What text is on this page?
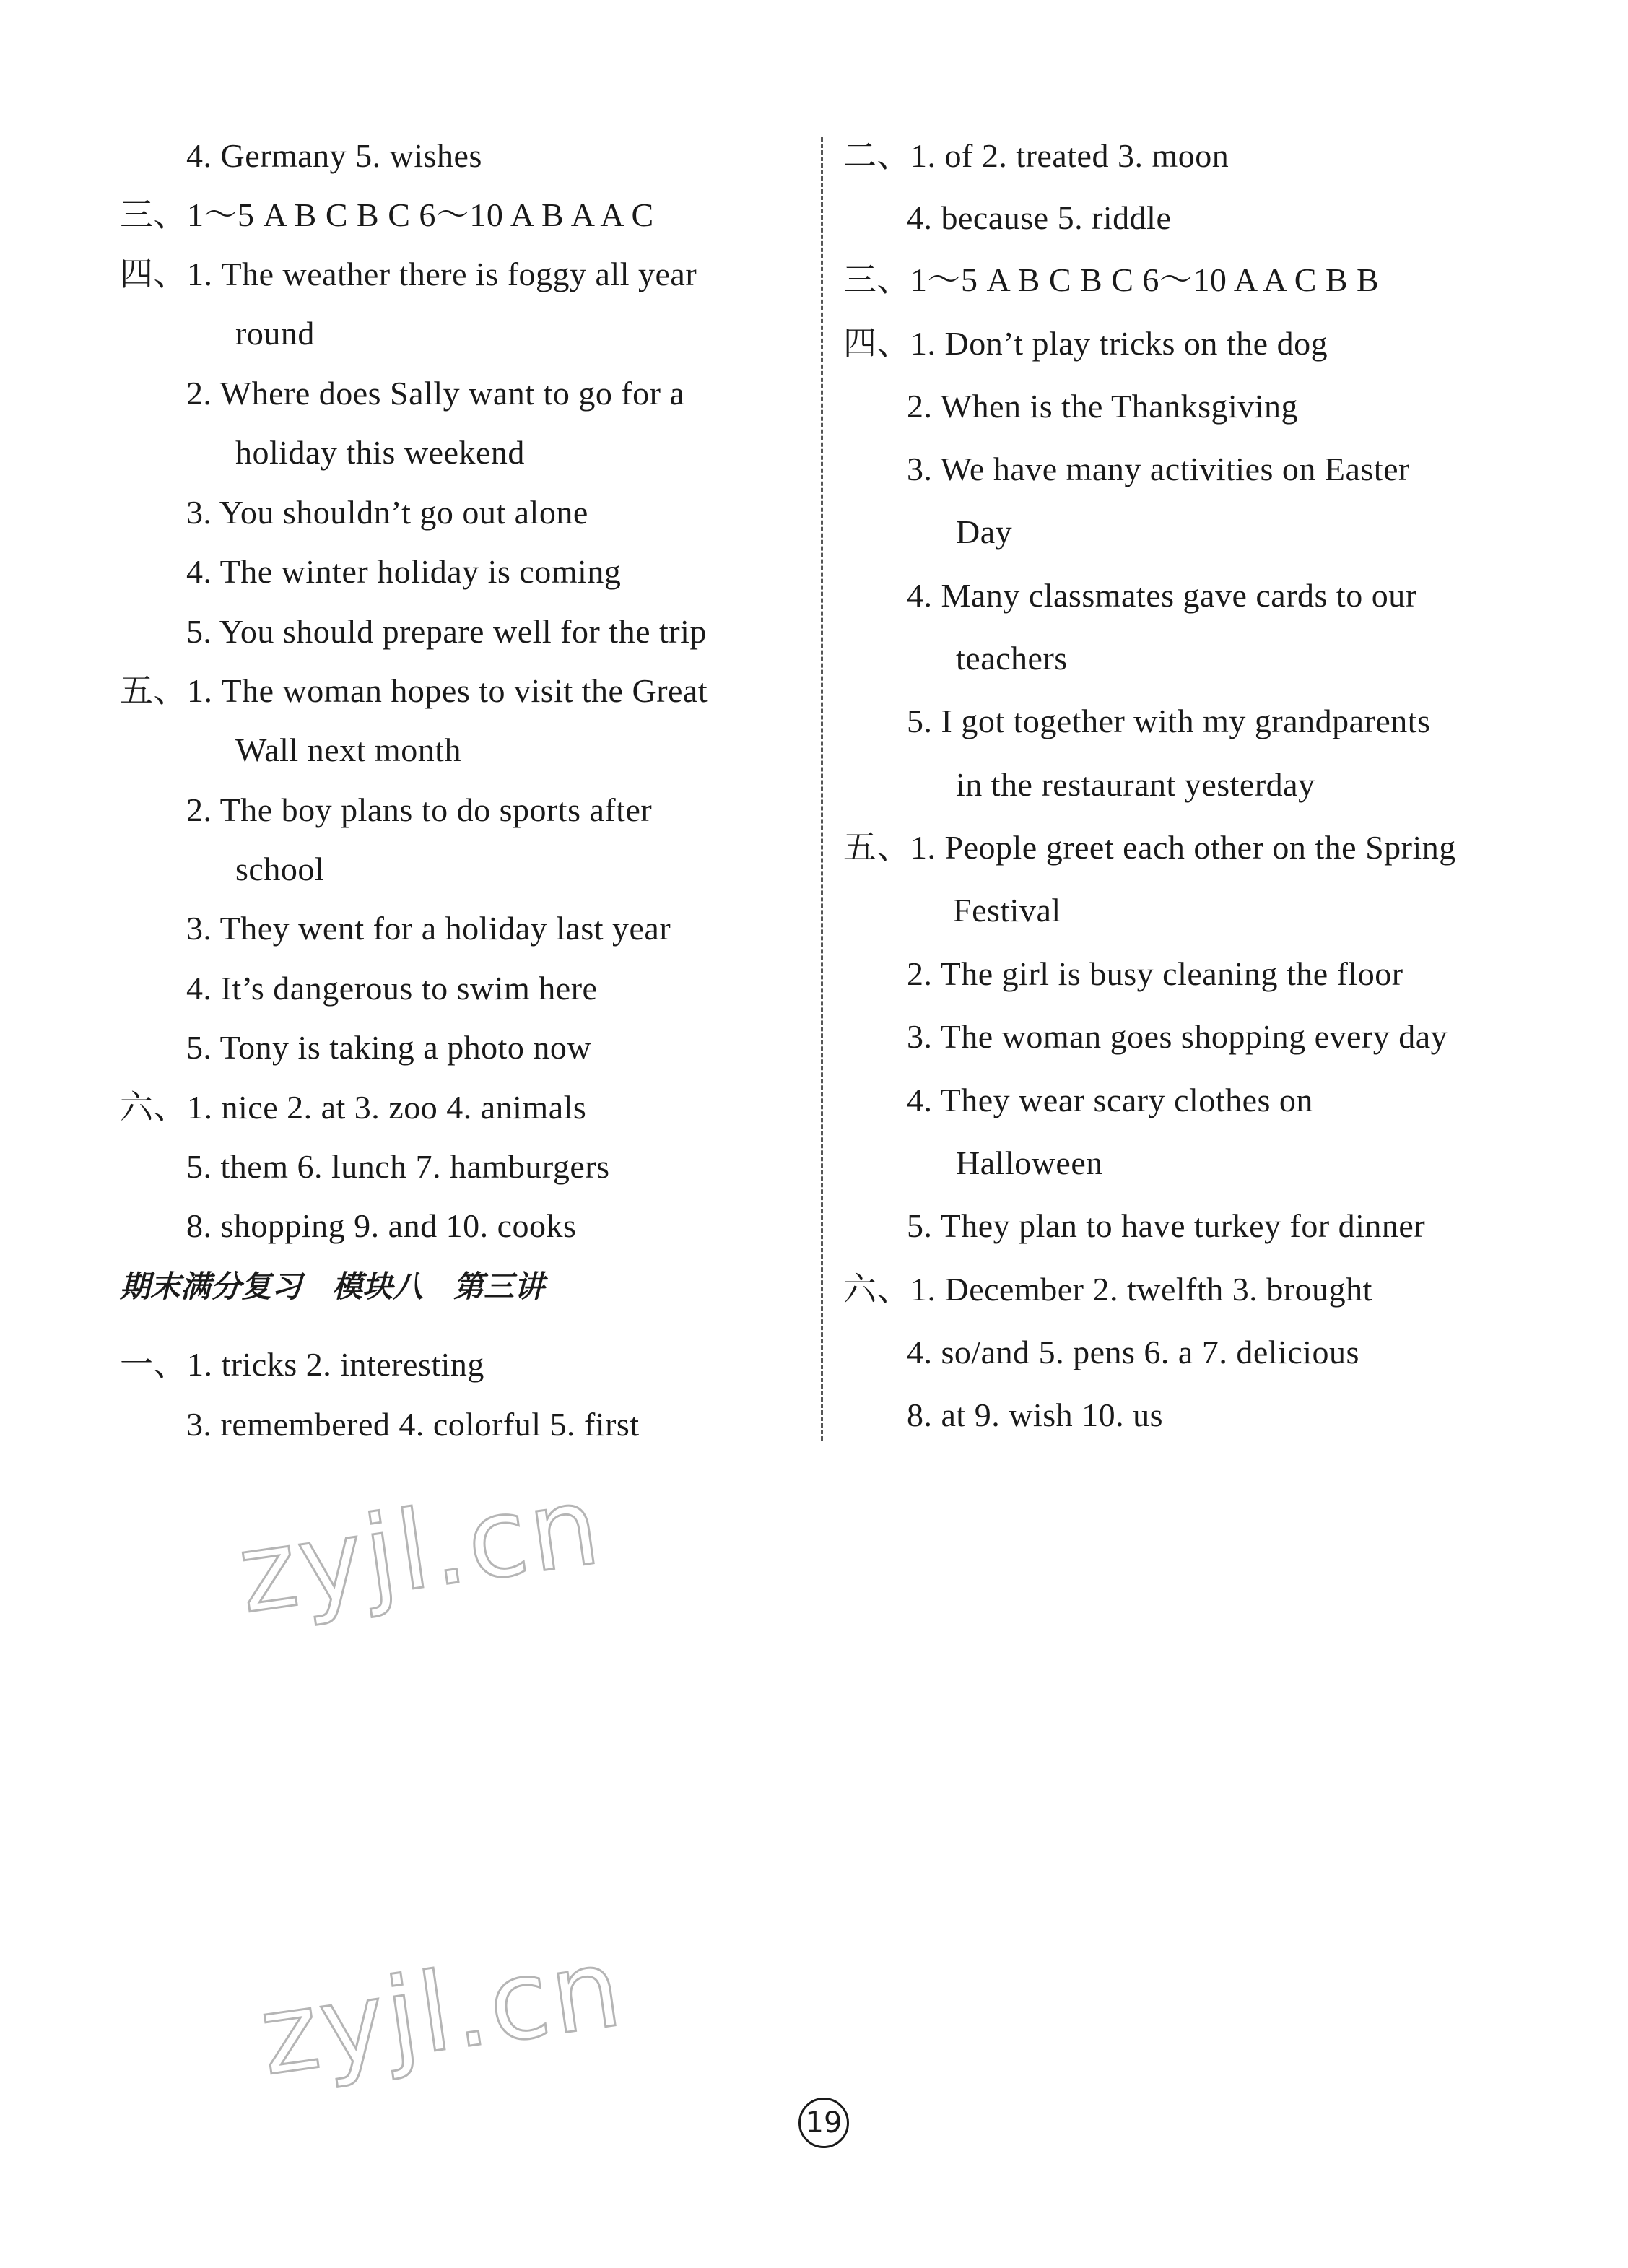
4. Germany 5. wishes
三、1～5 A B C B C 6～10 A B A A C
四、1. The weather there is foggy all year
round
2. Where does Sally want to go for a
holiday this weekend
3. You shouldn’t go out alone
4. The winter holiday is coming
5. You should prepare well for the trip
五、1. The woman hopes to visit the Great
Wall next month
2. The boy plans to do sports after
school
3. They went for a holiday last year
4. It’s dangerous to swim here
5. Tony is taking a photo now
六、1. nice 2. at 3. zoo 4. animals
5. them 6. lunch 7. hamburgers
8. shopping 9. and 10. cooks
期末满分复习　模块八　第三讲
一、1. tricks 2. interesting
3. remembered 4. colorful 5. first
二、1. of 2. treated 3. moon
4. because 5. riddle
三、1～5 A B C B C 6～10 A A C B B
四、1. Don’t play tricks on the dog
2. When is the Thanksgiving
3. We have many activities on Easter
Day
4. Many classmates gave cards to our
teachers
5. I got together with my grandparents
in the restaurant yesterday
五、1. People greet each other on the Spring
Festival
2. The girl is busy cleaning the floor
3. The woman goes shopping every day
4. They wear scary clothes on
Halloween
5. They plan to have turkey for dinner
六、1. December 2. twelfth 3. brought
4. so/and 5. pens 6. a 7. delicious
8. at 9. wish 10. us
zyjl.cn
zyjl.cn
19
